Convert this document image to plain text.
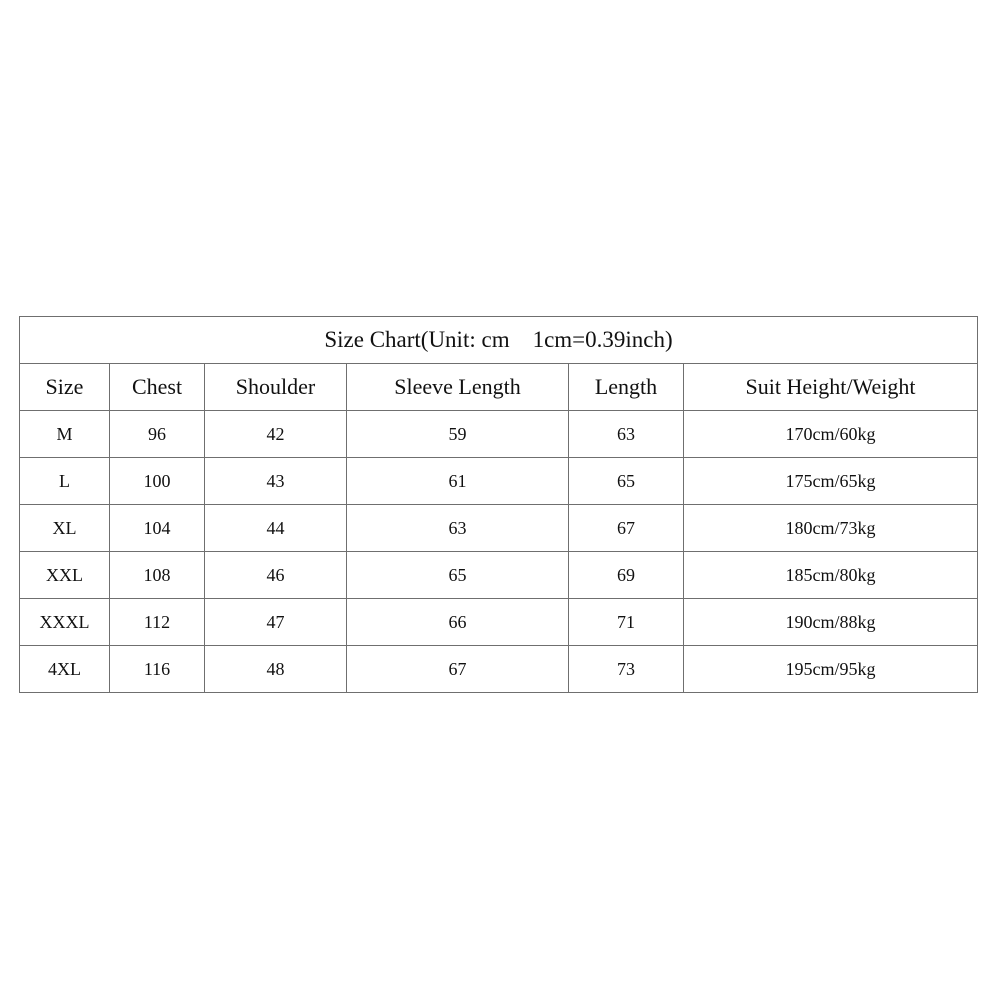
Size Chart(Unit: cm    1cm=0.39inch)					
Size	Chest	Shoulder	Sleeve Length	Length	Suit Height/Weight
M	96	42	59	63	170cm/60kg
L	100	43	61	65	175cm/65kg
XL	104	44	63	67	180cm/73kg
XXL	108	46	65	69	185cm/80kg
XXXL	112	47	66	71	190cm/88kg
4XL	116	48	67	73	195cm/95kg
